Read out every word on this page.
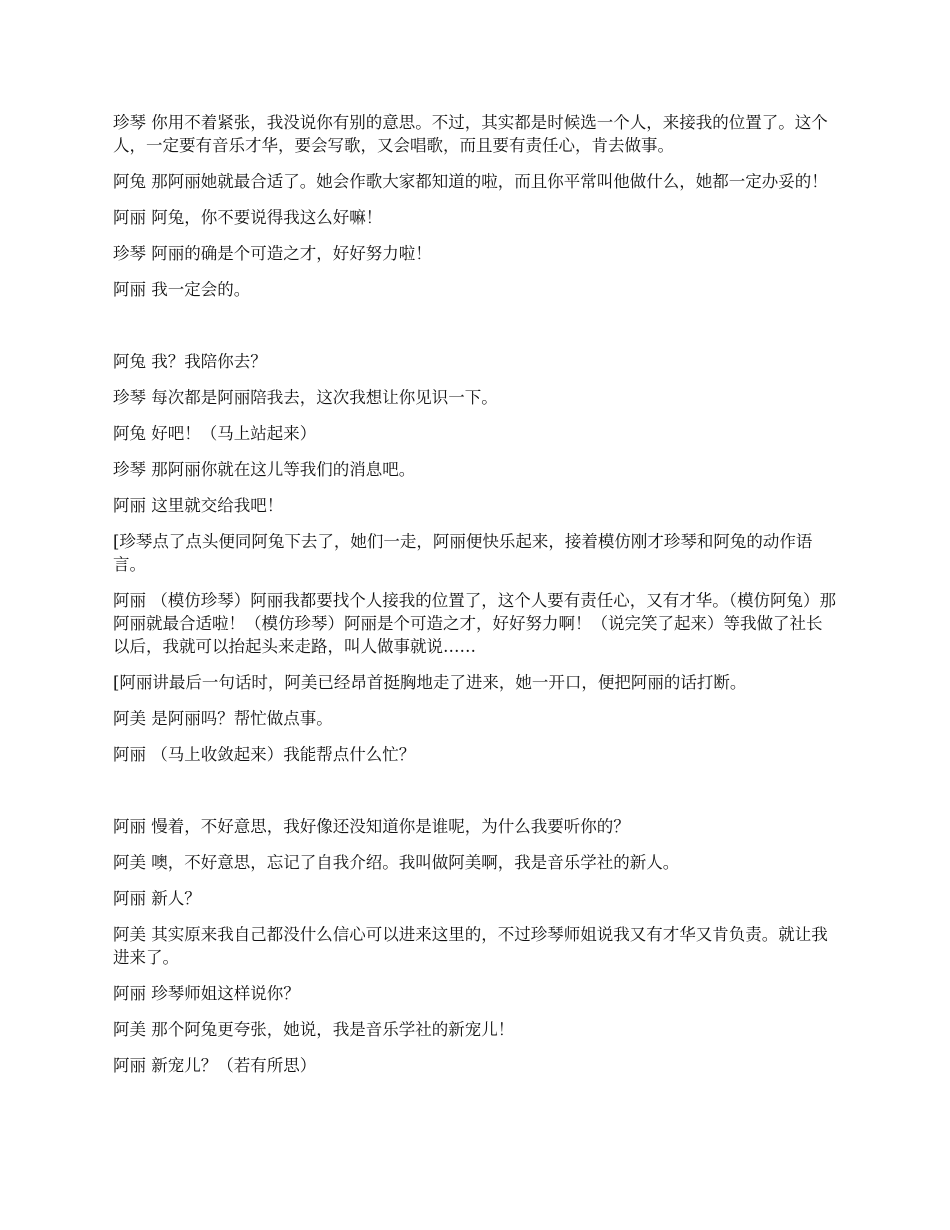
珍琴 你用不着紧张，我没说你有别的意思。不过，其实都是时候选一个人，来接我的位置了。这个人，一定要有音乐才华，要会写歌，又会唱歌，而且要有责任心，肯去做事。

阿兔 那阿丽她就最合适了。她会作歌大家都知道的啦，而且你平常叫他做什么，她都一定办妥的！

阿丽 阿兔，你不要说得我这么好嘛！

珍琴 阿丽的确是个可造之才，好好努力啦！

阿丽 我一定会的。

阿兔 我？我陪你去？

珍琴 每次都是阿丽陪我去，这次我想让你见识一下。

阿兔 好吧！（马上站起来）

珍琴 那阿丽你就在这儿等我们的消息吧。

阿丽 这里就交给我吧！

[珍琴点了点头便同阿兔下去了，她们一走，阿丽便快乐起来，接着模仿刚才珍琴和阿兔的动作语言。

阿丽 （模仿珍琴）阿丽我都要找个人接我的位置了，这个人要有责任心，又有才华。（模仿阿兔）那阿丽就最合适啦！（模仿珍琴）阿丽是个可造之才，好好努力啊！（说完笑了起来）等我做了社长以后，我就可以抬起头来走路，叫人做事就说……

[阿丽讲最后一句话时，阿美已经昂首挺胸地走了进来，她一开口，便把阿丽的话打断。

阿美 是阿丽吗？帮忙做点事。

阿丽 （马上收敛起来）我能帮点什么忙？

阿丽 慢着，不好意思，我好像还没知道你是谁呢，为什么我要听你的？

阿美 噢，不好意思，忘记了自我介绍。我叫做阿美啊，我是音乐学社的新人。

阿丽 新人？

阿美 其实原来我自己都没什么信心可以进来这里的，不过珍琴师姐说我又有才华又肯负责。就让我进来了。

阿丽 珍琴师姐这样说你？

阿美 那个阿兔更夸张，她说，我是音乐学社的新宠儿！

阿丽 新宠儿？（若有所思）
